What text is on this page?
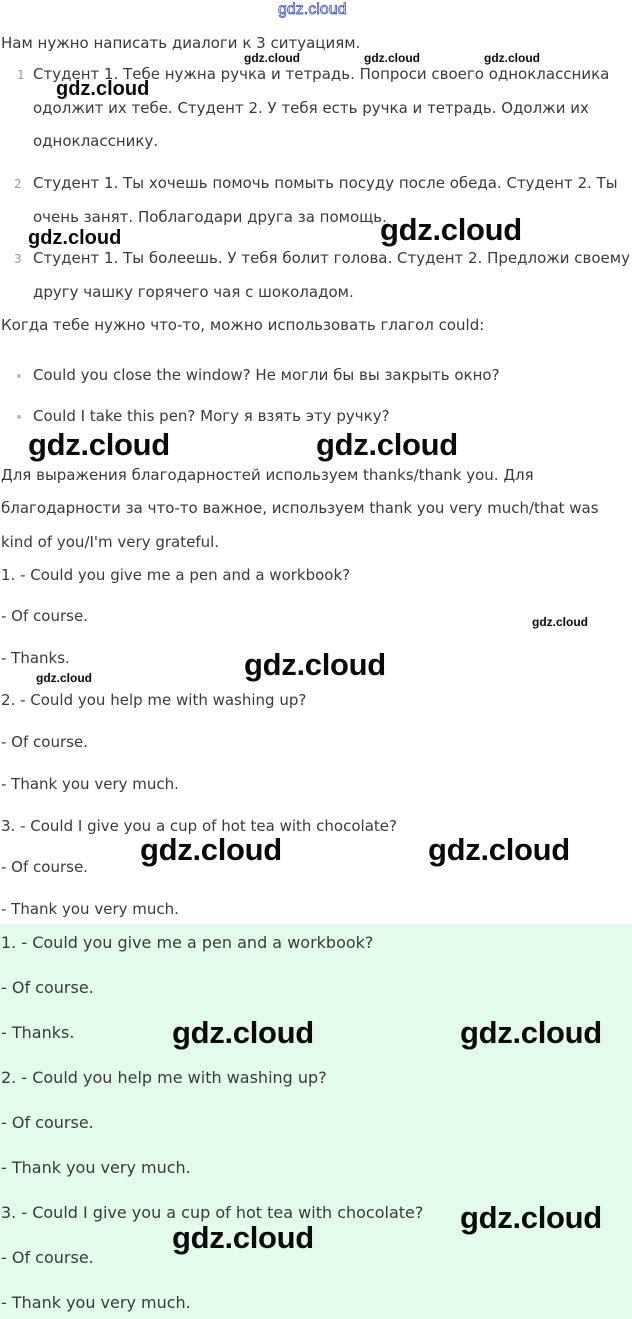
gdz.cloud
Нам нужно написать диалоги к 3 ситуациям.
1 Студент 1. Тебе нужна ручка и тетрадь. Попроси своего одноклассника
одолжит их тебе. Студент 2. У тебя есть ручка и тетрадь. Одолжи их
однокласснику.
2 Студент 1. Ты хочешь помочь помыть посуду после обеда. Студент 2. Ты
очень занят. Поблагодари друга за помощь.
3 Студент 1. Ты болеешь. У тебя болит голова. Студент 2. Предложи своему
другу чашку горячего чая с шоколадом.
Когда тебе нужно что-то, можно использовать глагол could:
Could you close the window? Не могли бы вы закрыть окно?
Could I take this pen? Могу я взять эту ручку?
Для выражения благодарностей используем thanks/thank you. Для
благодарности за что-то важное, используем thank you very much/that was
kind of you/I'm very grateful.
1. - Could you give me a pen and a workbook?
- Of course.
- Thanks.
2. - Could you help me with washing up?
- Of course.
- Thank you very much.
3. - Could I give you a cup of hot tea with chocolate?
- Of course.
- Thank you very much.
1. - Could you give me a pen and a workbook?
- Of course.
- Thanks.
2. - Could you help me with washing up?
- Of course.
- Thank you very much.
3. - Could I give you a cup of hot tea with chocolate?
- Of course.
- Thank you very much.
gdz.cloud	gdz.cloud	gdz.cloud
gdz.cloud
gdz.cloud	gdz.cloud
gdz.cloud	gdz.cloud
gdz.cloud
gdz.cloud
gdz.cloud
gdz.cloud	gdz.cloud
gdz.cloud	gdz.cloud
gdz.cloud
gdz.cloud
